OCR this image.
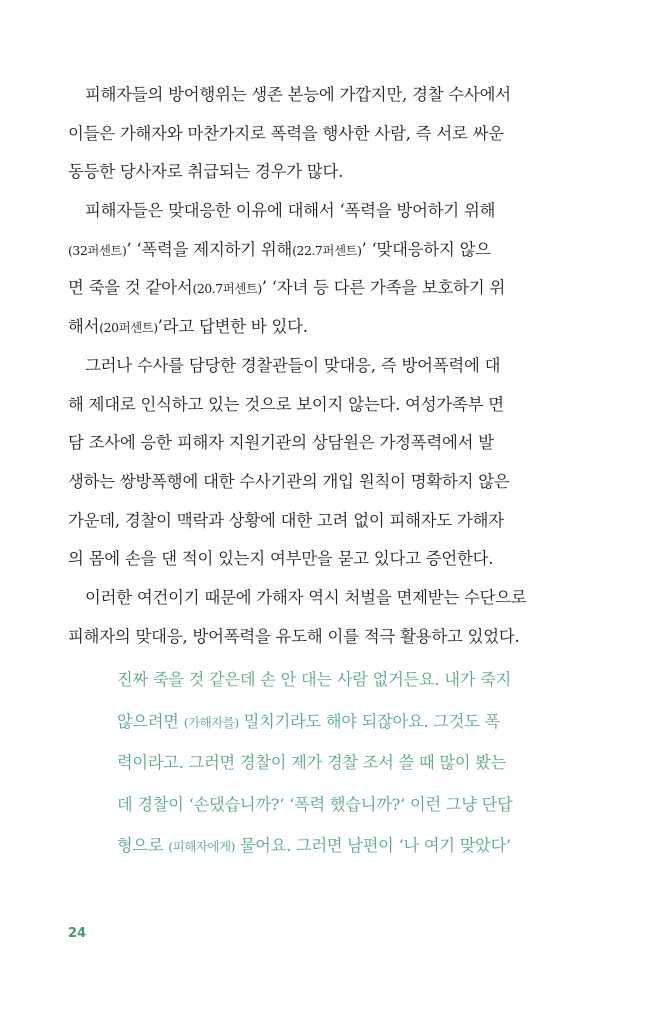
피해자들의 방어행위는 생존 본능에 가깝지만, 경찰 수사에서
이들은 가해자와 마찬가지로 폭력을 행사한 사람, 즉 서로 싸운
동등한 당사자로 취급되는 경우가 많다.
피해자들은 맞대응한 이유에 대해서 ‘폭력을 방어하기 위해
(32퍼센트)’ ‘폭력을 제지하기 위해(22.7퍼센트)’ ‘맞대응하지 않으
면 죽을 것 같아서(20.7퍼센트)’ ‘자녀 등 다른 가족을 보호하기 위
해서(20퍼센트)’라고 답변한 바 있다.
그러나 수사를 담당한 경찰관들이 맞대응, 즉 방어폭력에 대
해 제대로 인식하고 있는 것으로 보이지 않는다. 여성가족부 면
담 조사에 응한 피해자 지원기관의 상담원은 가정폭력에서 발
생하는 쌍방폭행에 대한 수사기관의 개입 원칙이 명확하지 않은
가운데, 경찰이 맥락과 상황에 대한 고려 없이 피해자도 가해자
의 몸에 손을 댄 적이 있는지 여부만을 묻고 있다고 증언한다.
이러한 여건이기 때문에 가해자 역시 처벌을 면제받는 수단으로
피해자의 맞대응, 방어폭력을 유도해 이를 적극 활용하고 있었다.
진짜 죽을 것 같은데 손 안 대는 사람 없거든요. 내가 죽지
않으려면 (가해자를) 밀치기라도 해야 되잖아요. 그것도 폭
력이라고. 그러면 경찰이 제가 경찰 조서 쓸 때 많이 봤는
데 경찰이 ‘손댔습니까?’ ‘폭력 했습니까?’ 이런 그냥 단답
형으로 (피해자에게) 물어요. 그러면 남편이 ‘나 여기 맞았다’
24
